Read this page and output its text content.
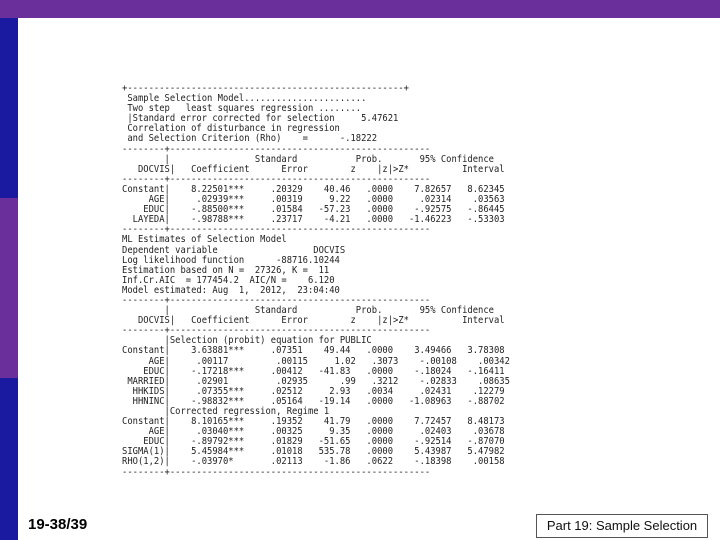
+----------------------------------------------------+
Sample Selection Model.......................
Two step   least squares regression ........
|Standard error corrected for selection     5.47621
Correlation of disturbance in regression
and Selection Criterion (Rho)    =      -.18222
--------+-------------------------------------------------
|                Standard           Prob.       95% Confidence
DOCVIS|   Coefficient      Error        z    |z|>Z*          Interval
--------+-------------------------------------------------
Constant|    8.22501***     .20329    40.46   .0000    7.82657   8.62345
AGE|     .02939***     .00319     9.22   .0000     .02314    .03563
EDUC|    -.88500***     .01584   -57.23   .0000    -.92575   -.86445
LAYEDA|    -.98788***     .23717    -4.21   .0000   -1.46223   -.53303
--------+-------------------------------------------------
ML Estimates of Selection Model
Dependent variable                  DOCVIS
Log likelihood function      -88716.10244
Estimation based on N =  27326, K =  11
Inf.Cr.AIC  = 177454.2  AIC/N =    6.120
Model estimated: Aug  1,  2012,  23:04:40
--------+-------------------------------------------------
|                Standard           Prob.       95% Confidence
DOCVIS|   Coefficient      Error        z    |z|>Z*          Interval
--------+-------------------------------------------------
|Selection (probit) equation for PUBLIC
Constant|    3.63881***     .07351    49.44   .0000    3.49466   3.78308
AGE|     .00117         .00115     1.02   .3073    -.00108    .00342
EDUC|    -.17218***     .00412   -41.83   .0000    -.18024   -.16411
MARRIED|     .02901         .02935      .99   .3212    -.02833    .08635
HHKIDS|     .07355***     .02512     2.93   .0034     .02431    .12279
HHNINC|    -.98832***     .05164   -19.14   .0000   -1.08963   -.88702
|Corrected regression, Regime 1
Constant|    8.10165***     .19352    41.79   .0000    7.72457   8.48173
AGE|     .03040***     .00325     9.35   .0000     .02403    .03678
EDUC|    -.89792***     .01829   -51.65   .0000    -.92514   -.87070
SIGMA(1)|    5.45984***     .01018   535.78   .0000    5.43987   5.47982
RHO(1,2)|    -.03970*       .02113    -1.86   .0622    -.18398    .00158
--------+-------------------------------------------------
19-38/39	Part 19: Sample Selection
